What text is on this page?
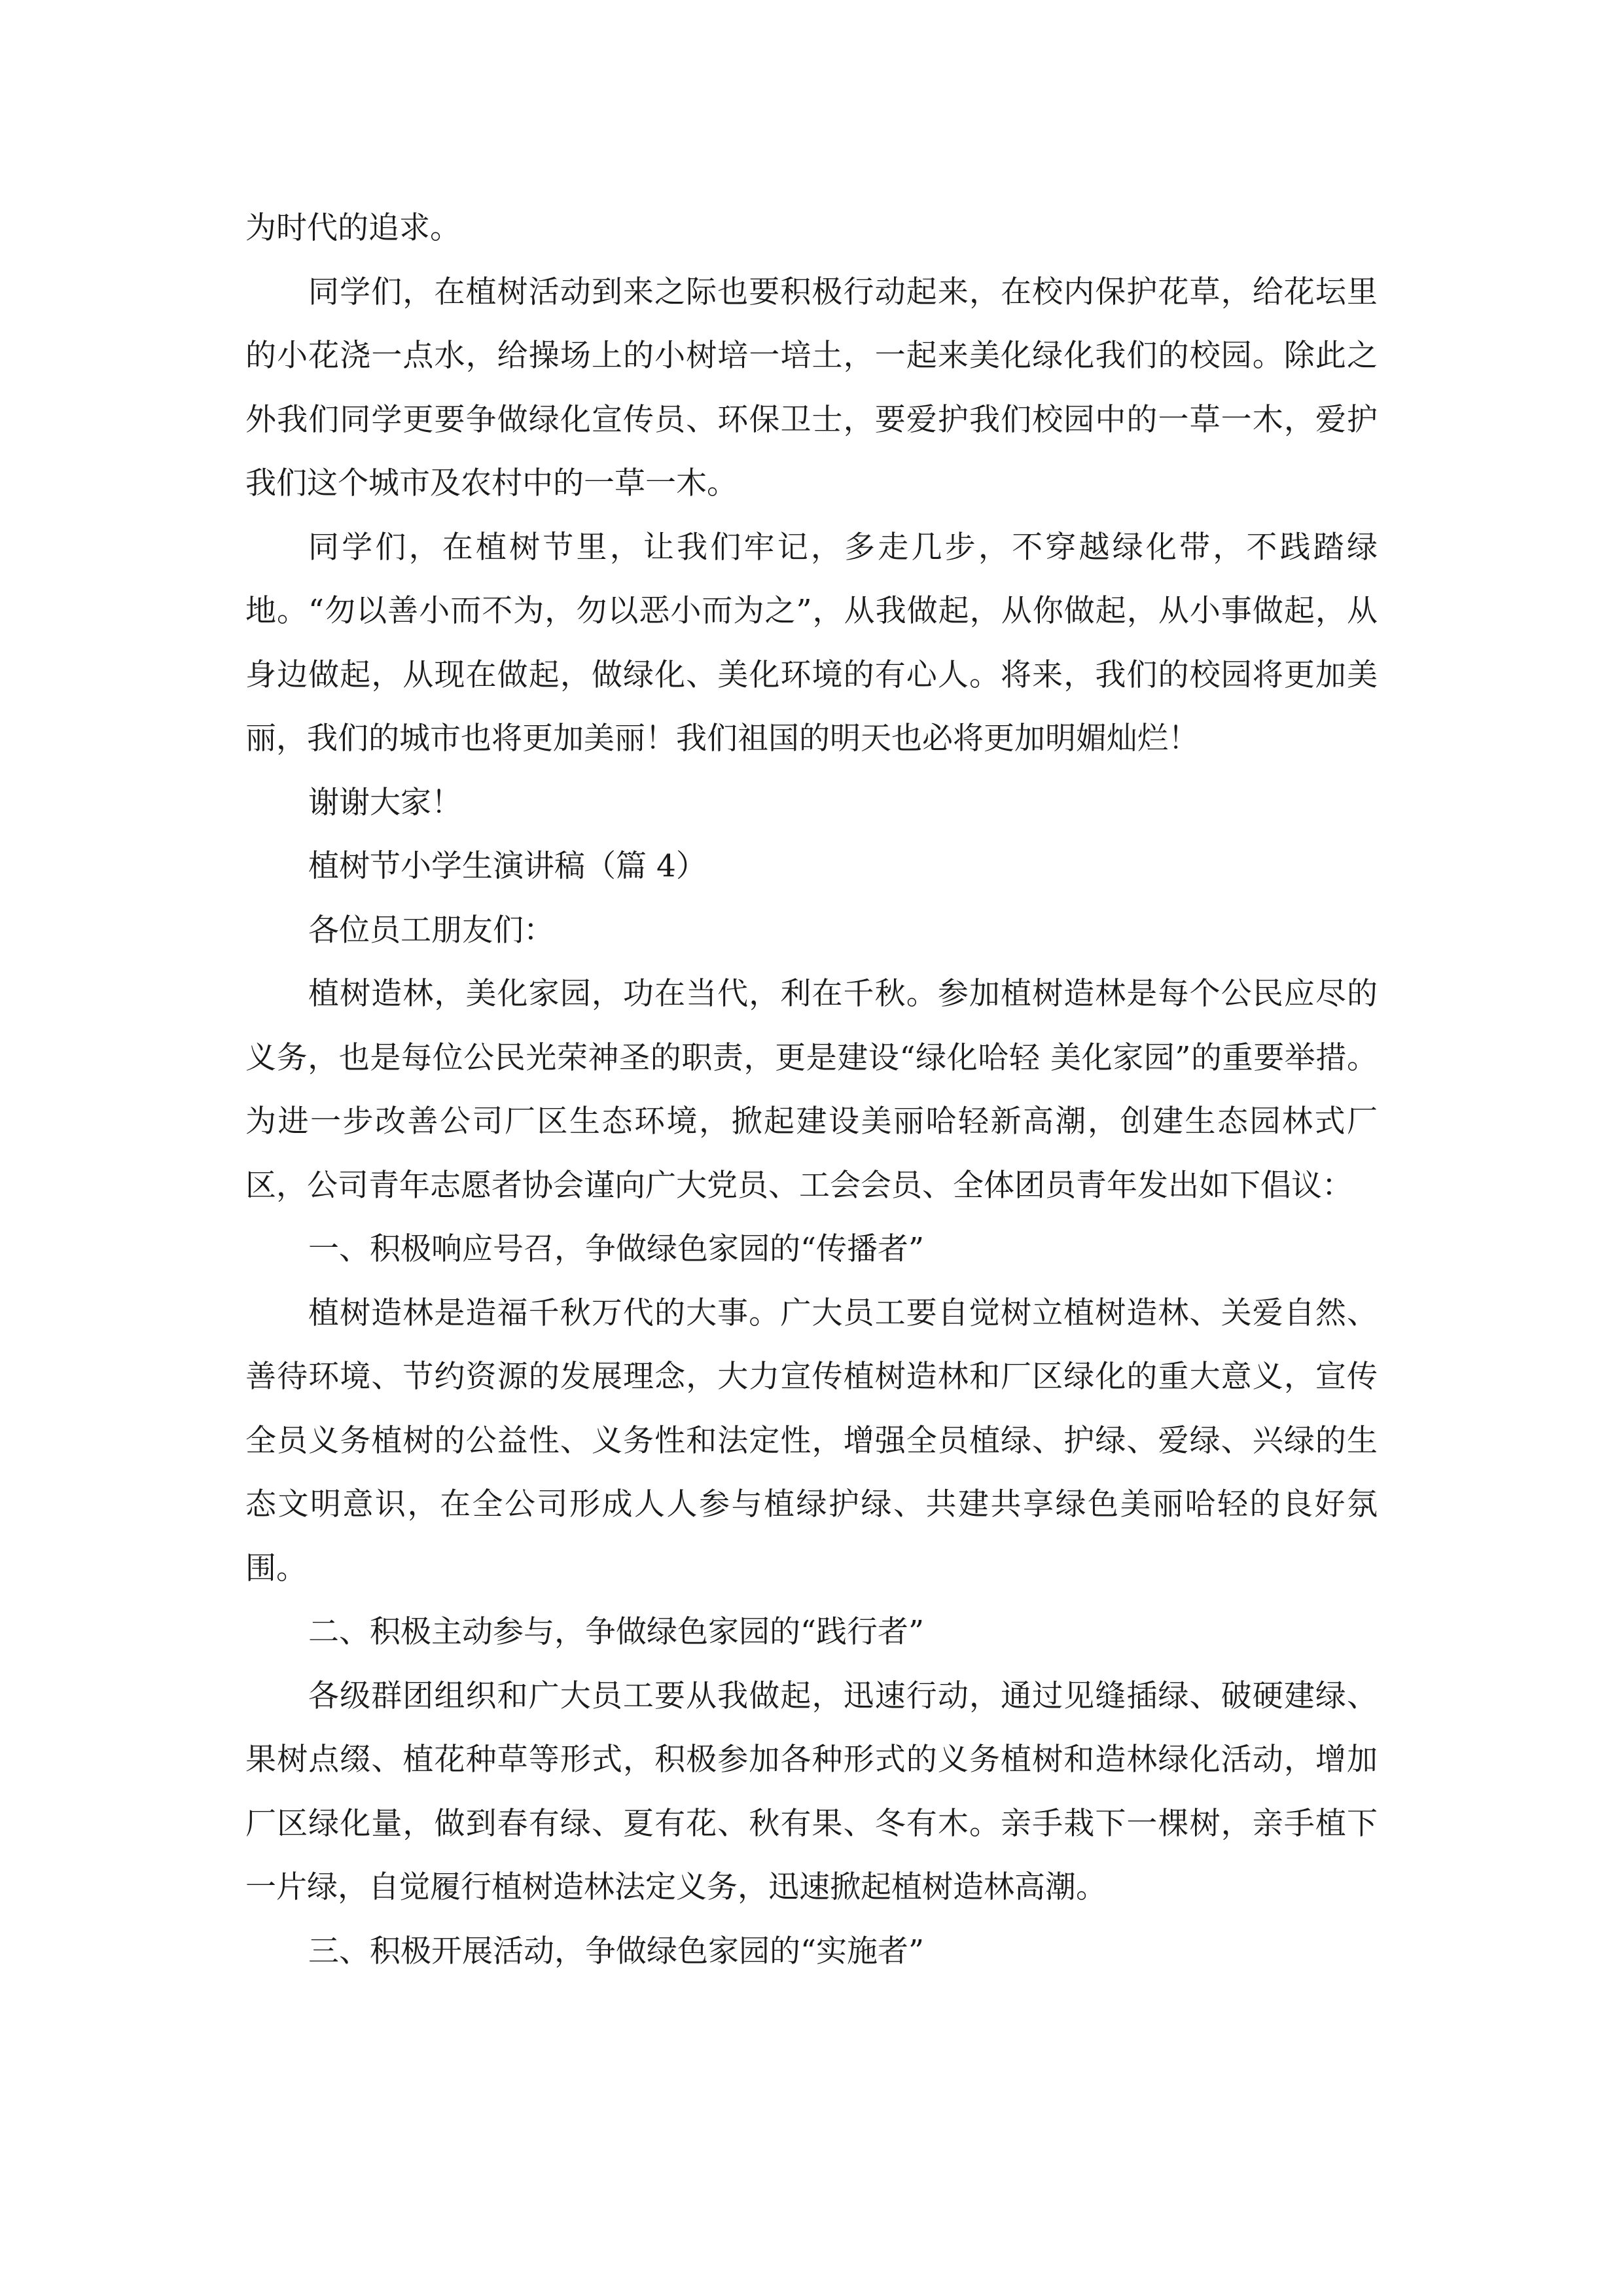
为时代的追求。

同学们，在植树活动到来之际也要积极行动起来，在校内保护花草，给花坛里的小花浇一点水，给操场上的小树培一培土，一起来美化绿化我们的校园。除此之外我们同学更要争做绿化宣传员、环保卫士，要爱护我们校园中的一草一木，爱护我们这个城市及农村中的一草一木。

同学们，在植树节里，让我们牢记，多走几步，不穿越绿化带，不践踏绿地。“勿以善小而不为，勿以恶小而为之”，从我做起，从你做起，从小事做起，从身边做起，从现在做起，做绿化、美化环境的有心人。将来，我们的校园将更加美丽，我们的城市也将更加美丽！我们祖国的明天也必将更加明媚灿烂！

谢谢大家！

植树节小学生演讲稿（篇 4）

各位员工朋友们：

植树造林，美化家园，功在当代，利在千秋。参加植树造林是每个公民应尽的义务，也是每位公民光荣神圣的职责，更是建设“绿化哈轻 美化家园”的重要举措。为进一步改善公司厂区生态环境，掀起建设美丽哈轻新高潮，创建生态园林式厂区，公司青年志愿者协会谨向广大党员、工会会员、全体团员青年发出如下倡议：

一、积极响应号召，争做绿色家园的“传播者”

植树造林是造福千秋万代的大事。广大员工要自觉树立植树造林、关爱自然、善待环境、节约资源的发展理念，大力宣传植树造林和厂区绿化的重大意义，宣传全员义务植树的公益性、义务性和法定性，增强全员植绿、护绿、爱绿、兴绿的生态文明意识，在全公司形成人人参与植绿护绿、共建共享绿色美丽哈轻的良好氛围。

二、积极主动参与，争做绿色家园的“践行者”

各级群团组织和广大员工要从我做起，迅速行动，通过见缝插绿、破硬建绿、果树点缀、植花种草等形式，积极参加各种形式的义务植树和造林绿化活动，增加厂区绿化量，做到春有绿、夏有花、秋有果、冬有木。亲手栽下一棵树，亲手植下一片绿，自觉履行植树造林法定义务，迅速掀起植树造林高潮。

三、积极开展活动，争做绿色家园的“实施者”
